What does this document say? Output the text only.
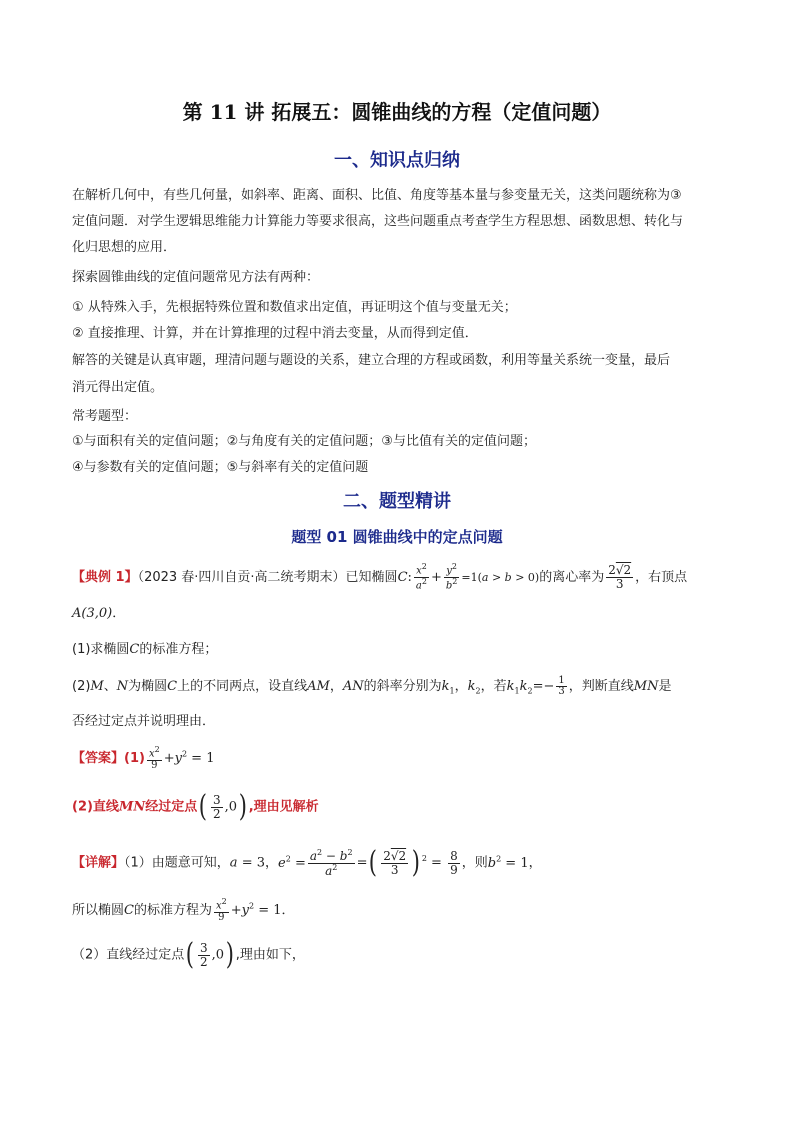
第 11 讲 拓展五：圆锥曲线的方程（定值问题）
一、知识点归纳
在解析几何中，有些几何量，如斜率、距离、面积、比值、角度等基本量与参变量无关，这类问题统称为③
定值问题．对学生逻辑思维能力计算能力等要求很高，这些问题重点考查学生方程思想、函数思想、转化与
化归思想的应用．
探索圆锥曲线的定值问题常见方法有两种：
① 从特殊入手，先根据特殊位置和数值求出定值，再证明这个值与变量无关；
② 直接推理、计算，并在计算推理的过程中消去变量，从而得到定值．
解答的关键是认真审题，理清问题与题设的关系，建立合理的方程或函数，利用等量关系统一变量，最后
消元得出定值。
常考题型：
①与面积有关的定值问题；②与角度有关的定值问题；③与比值有关的定值问题；
④与参数有关的定值问题；⑤与斜率有关的定值问题
二、题型精讲
题型 01 圆锥曲线中的定点问题
【典例 1】（2023 春·四川自贡·高二统考期末）已知椭圆C: $\frac{x^2}{a^2} + \frac{y^2}{b^2} =1(a > b > 0)$的离心率为 $\frac{2√2}{3}$ ，右顶点
A(3,0)．
(1)求椭圆C的标准方程；
(2)M、N为椭圆C上的不同两点，设直线AM，AN的斜率分别为$k_1$，$k_2$，若$k_1k_2=- \frac{1}{3}$ ，判断直线MN是
否经过定点并说明理由．
【答案】$(1) \frac{x^2}{9} +y^2 = 1$
(2)直线MN经过定点( $\frac{3}{2} ,0$) ,理由见解析
【详解】（1）由题意可知，a = 3，$e^2 = \frac{a^2 - b^2}{a^2}$ =( $\frac{2√2}{3}$ ) $^2 = \frac{8}{9}$ ，则$b^2 = 1$，
所以椭圆C的标准方程为 $\frac{x^2}{9} +y^2 = 1$．
（2）直线经过定点( $\frac{3}{2} ,0$) ,理由如下，
